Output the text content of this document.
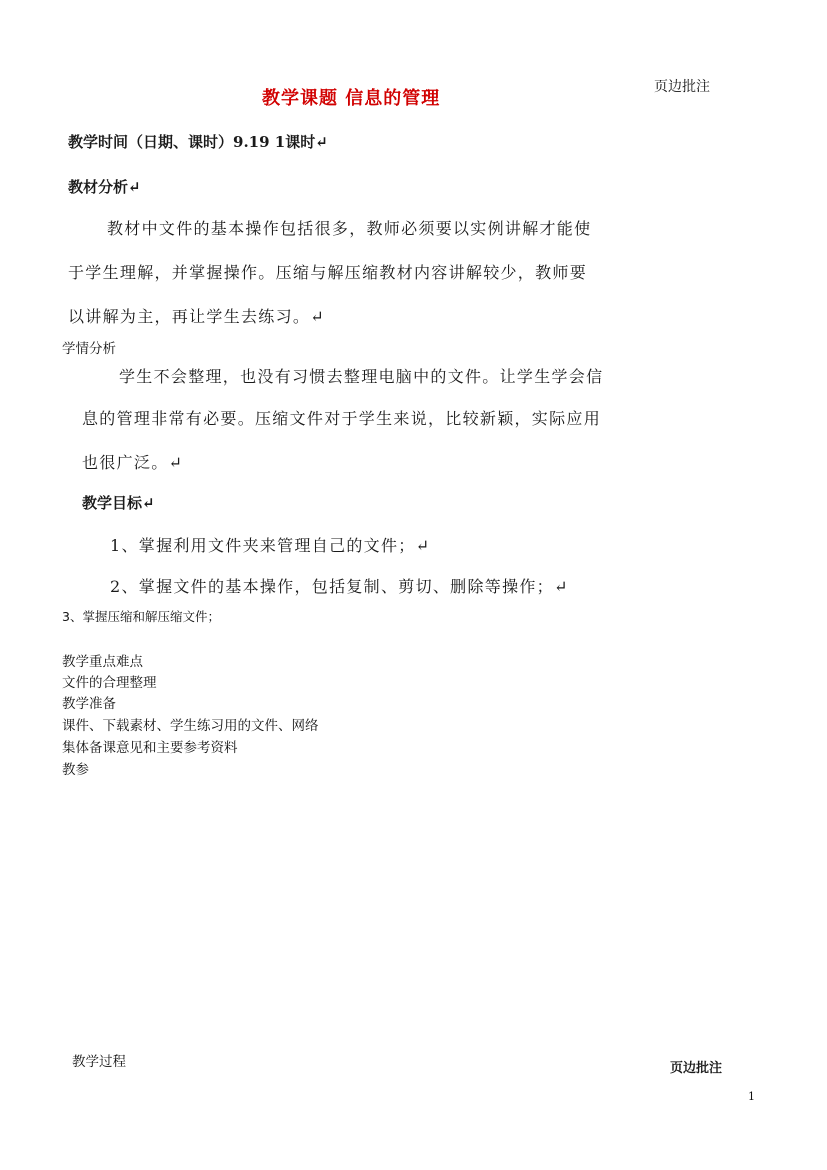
页边批注
教学课题 信息的管理
教学时间（日期、课时）9.19 1课时↵
教材分析↵
教材中文件的基本操作包括很多，教师必须要以实例讲解才能使
于学生理解，并掌握操作。压缩与解压缩教材内容讲解较少，教师要
以讲解为主，再让学生去练习。↵
学情分析
学生不会整理，也没有习惯去整理电脑中的文件。让学生学会信
息的管理非常有必要。压缩文件对于学生来说，比较新颖，实际应用
也很广泛。↵
教学目标↵
1、掌握利用文件夹来管理自己的文件；↵
2、掌握文件的基本操作，包括复制、剪切、删除等操作；↵
3、掌握压缩和解压缩文件；
教学重点难点
文件的合理整理
教学准备
课件、下载素材、学生练习用的文件、网络
集体备课意见和主要参考资料
教参
教学过程	页边批注
1
